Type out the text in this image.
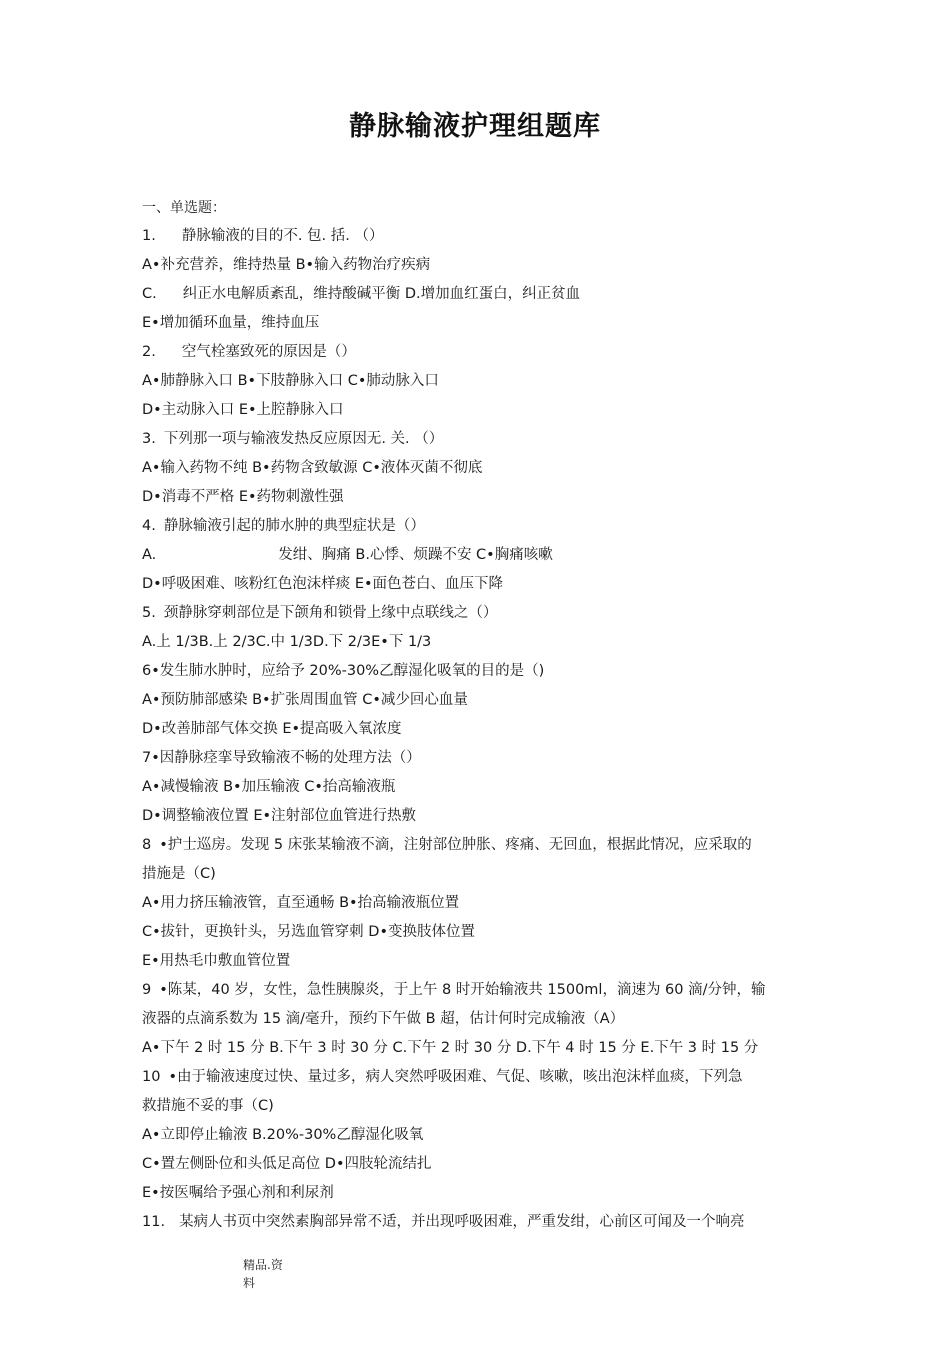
静脉输液护理组题库
一、单选题：
1. 静脉输液的目的不. 包. 括. （）
A•补充营养，维持热量 B•输入药物治疗疾病
C. 纠正水电解质紊乱，维持酸碱平衡 D.增加血红蛋白，纠正贫血
E•增加循环血量，维持血压
2. 空气栓塞致死的原因是（）
A•肺静脉入口 B•下肢静脉入口 C•肺动脉入口
D•主动脉入口 E•上腔静脉入口
3. 下列那一项与输液发热反应原因无. 关. （）
A•输入药物不纯 B•药物含致敏源 C•液体灭菌不彻底
D•消毒不严格 E•药物刺激性强
4. 静脉输液引起的肺水肿的典型症状是（）
A.	发绀、胸痛 B.心悸、烦躁不安 C•胸痛咳嗽
D•呼吸困难、咳粉红色泡沫样痰 E•面色苍白、血压下降
5. 颈静脉穿刺部位是下颌角和锁骨上缘中点联线之（）
A.上 1/3B.上 2/3C.中 1/3D.下 2/3E•下 1/3
6•发生肺水肿时，应给予 20%-30%乙醇湿化吸氧的目的是（)
A•预防肺部感染 B•扩张周围血管 C•减少回心血量
D•改善肺部气体交换 E•提高吸入氧浓度
7•因静脉痉挛导致输液不畅的处理方法（）
A•减慢输液 B•加压输液 C•抬高输液瓶
D•调整输液位置 E•注射部位血管进行热敷
8 •护士巡房。发现 5 床张某输液不滴，注射部位肿胀、疼痛、无回血，根据此情况，应采取的
措施是（C)
A•用力挤压输液管，直至通畅 B•抬高输液瓶位置
C•拔针，更换针头，另选血管穿刺 D•变换肢体位置
E•用热毛巾敷血管位置
9 •陈某，40 岁，女性，急性胰腺炎，于上午 8 时开始输液共 1500ml，滴速为 60 滴/分钟，输
液器的点滴系数为 15 滴/毫升，预约下午做 B 超，估计何时完成输液（A）
A•下午 2 时 15 分 B.下午 3 时 30 分 C.下午 2 时 30 分 D.下午 4 时 15 分 E.下午 3 时 15 分
10 •由于输液速度过快、量过多，病人突然呼吸困难、气促、咳嗽，咳出泡沫样血痰，下列急
救措施不妥的事（C)
A•立即停止输液 B.20%-30%乙醇湿化吸氧
C•置左侧卧位和头低足高位 D•四肢轮流结扎
E•按医嘱给予强心剂和利尿剂
11. 某病人书页中突然素胸部异常不适，并出现呼吸困难，严重发绀，心前区可闻及一个响亮
精品.资
料
